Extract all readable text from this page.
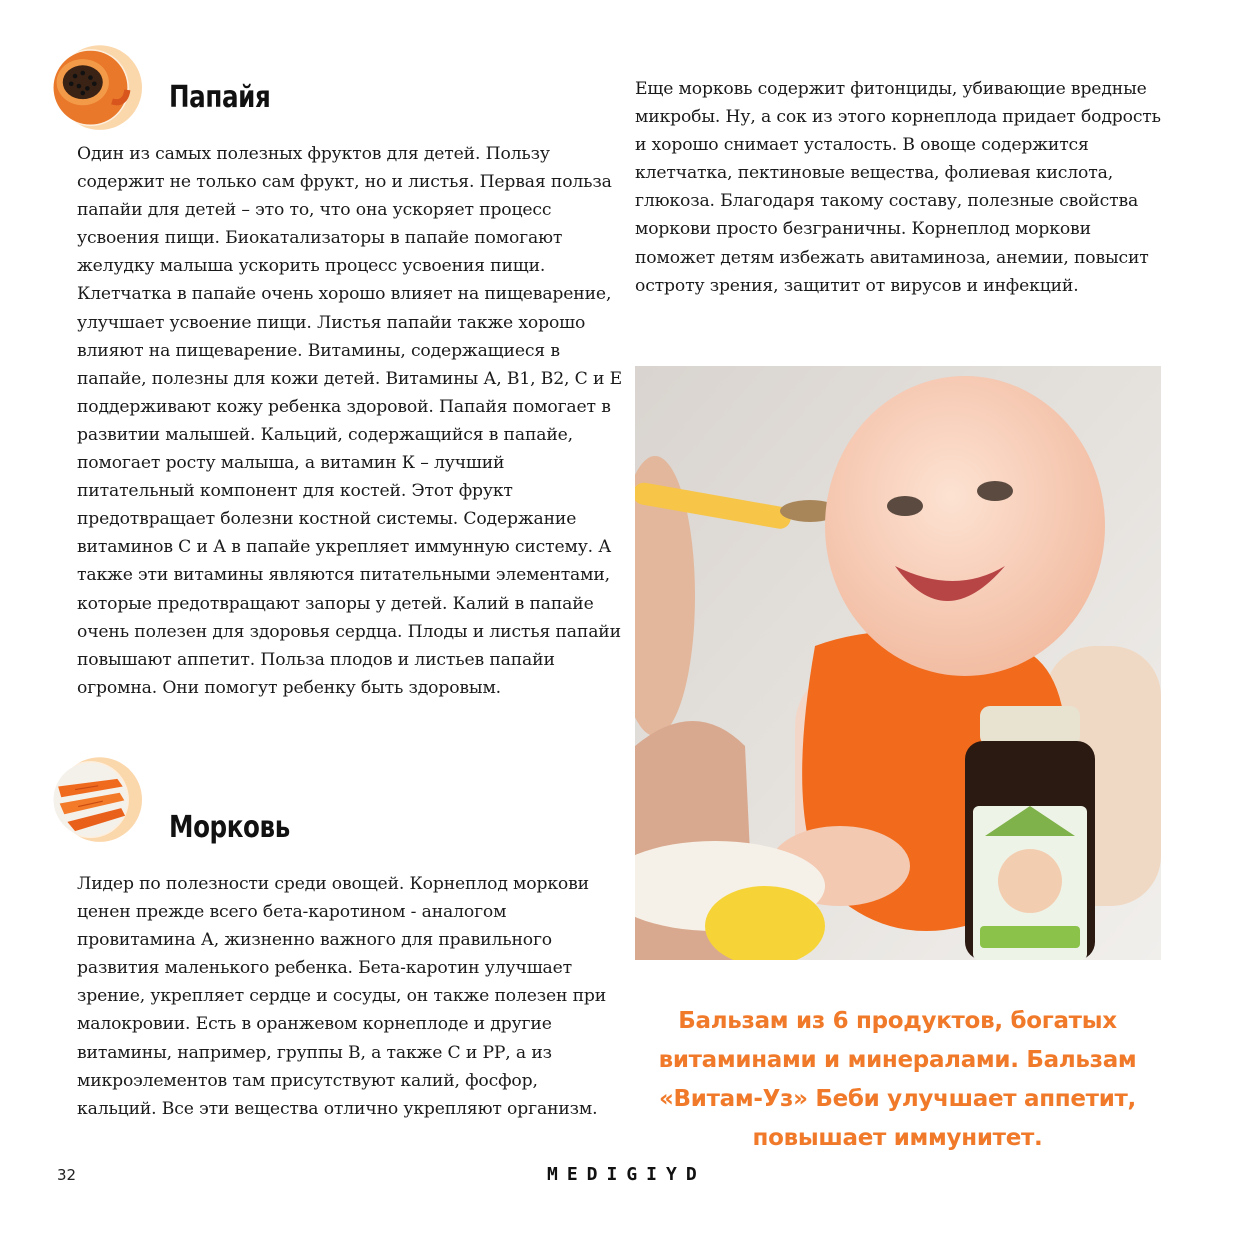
Папайя

Один из самых полезных фруктов для детей. Пользу содержит не только сам фрукт, но и листья. Первая польза папайи для детей – это то, что она ускоряет процесс усвоения пищи. Биокатализаторы в папайе помогают желудку малыша ускорить процесс усвоения пищи. Клетчатка в папайе очень хорошо влияет на пищеварение, улучшает усвоение пищи. Листья папайи также хорошо влияют на пищеварение. Витамины, содержащиеся в папайе, полезны для кожи детей. Витамины А, В1, В2, С и Е поддерживают кожу ребенка здоровой. Папайя помогает в развитии малышей. Кальций, содержащийся в папайе, помогает росту малыша, а витамин К – лучший питательный компонент для костей. Этот фрукт предотвращает болезни костной системы. Содержание витаминов С и А в папайе укрепляет иммунную систему. А также эти витамины являются питательными элементами, которые предотвращают запоры у детей. Калий в папайе очень полезен для здоровья сердца. Плоды и листья папайи повышают аппетит. Польза плодов и листьев папайи огромна. Они помогут ребенку быть здоровым.

Морковь

Лидер по полезности среди овощей. Корнеплод моркови ценен прежде всего бета-каротином - аналогом провитамина А, жизненно важного для правильного развития маленького ребенка. Бета-каротин улучшает зрение, укрепляет сердце и сосуды, он также полезен при малокровии. Есть в оранжевом корнеплоде и другие витамины, например, группы В, а также С и РР, а из микроэлементов там присутствуют калий, фосфор, кальций. Все эти вещества отлично укрепляют организм.

Еще морковь содержит фитонциды, убивающие вредные микробы. Ну, а сок из этого корнеплода придает бодрость и хорошо снимает усталость. В овоще содержится клетчатка, пектиновые вещества, фолиевая кислота, глюкоза. Благодаря такому составу, полезные свойства моркови просто безграничны. Корнеплод моркови поможет детям избежать авитаминоза, анемии, повысит остроту зрения, защитит от вирусов и инфекций.

Бальзам из 6 продуктов, богатых витаминами и минералами. Бальзам «Витам-Уз» Беби улучшает аппетит, повышает иммунитет.
32	MEDIGIYD
